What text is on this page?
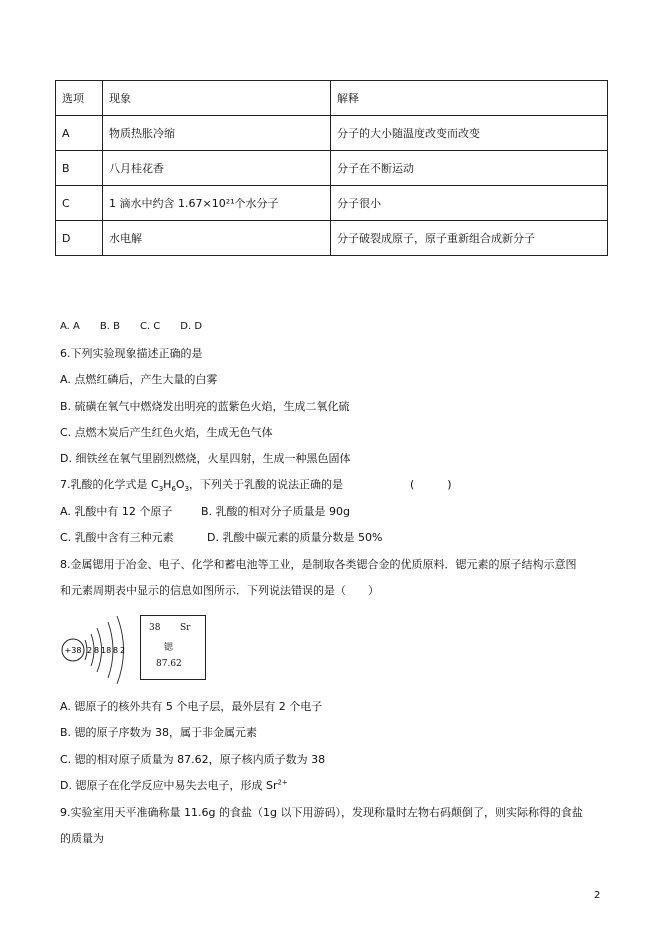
选项	现象	解释
A	物质热胀冷缩	分子的大小随温度改变而改变
B	八月桂花香	分子在不断运动
C	1 滴水中约含 1.67×10²¹个水分子	分子很小
D	水电解	分子破裂成原子，原子重新组合成新分子
A. A　　B. B　　C. C　　D. D
6.下列实验现象描述正确的是
A. 点燃红磷后，产生大量的白雾
B. 硫磺在氧气中燃烧发出明亮的蓝紫色火焰，生成二氧化硫
C. 点燃木炭后产生红色火焰，生成无色气体
D. 细铁丝在氧气里剧烈燃烧，火星四射，生成一种黑色固体
7.乳酸的化学式是 $C_3H_6O_3$，下列关于乳酸的说法正确的是	(　　　)
A. 乳酸中有 12 个原子	B. 乳酸的相对分子质量是 90g
C. 乳酸中含有三种元素	D. 乳酸中碳元素的质量分数是 50%
8.金属锶用于冶金、电子、化学和蓄电池等工业，是制取各类锶合金的优质原料．锶元素的原子结构示意图
和元素周期表中显示的信息如图所示．下列说法错误的是（　　）
+38 2 8 18 8 2
38 Sr
锶
87.62
A. 锶原子的核外共有 5 个电子层，最外层有 2 个电子
B. 锶的原子序数为 38，属于非金属元素
C. 锶的相对原子质量为 87.62，原子核内质子数为 38
D. 锶原子在化学反应中易失去电子，形成 $Sr^{2+}$
9.实验室用天平准确称量 11.6g 的食盐（1g 以下用游码），发现称量时左物右码颠倒了，则实际称得的食盐
的质量为
2
